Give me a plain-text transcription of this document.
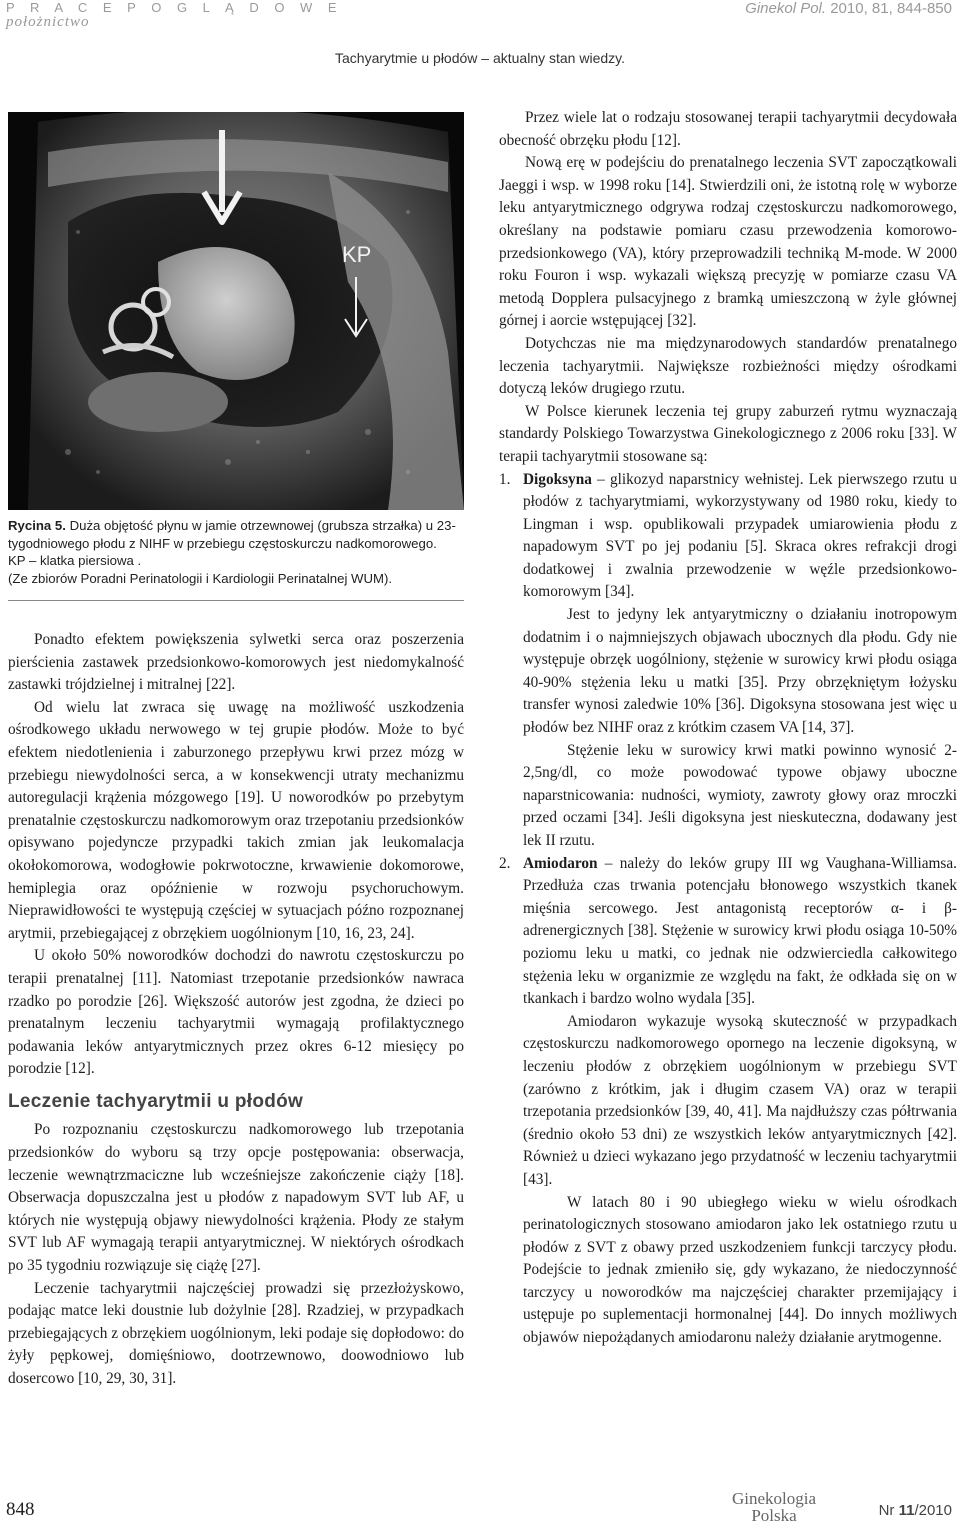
P R A C E P O G L Ą D O W E
położnictwo
Ginekol Pol. 2010, 81, 844-850
Tachyarytmie u płodów – aktualny stan wiedzy.
KP
Rycina 5. Duża objętość płynu w jamie otrzewnowej (grubsza strzałka) u 23-tygodniowego płodu z NIHF w przebiegu częstoskurczu nadkomorowego.
KP – klatka piersiowa .
(Ze zbiorów Poradni Perinatologii i Kardiologii Perinatalnej WUM).

Ponadto efektem powiększenia sylwetki serca oraz poszerzenia pierścienia zastawek przedsionkowo-komorowych jest niedomykalność zastawki trójdzielnej i mitralnej [22].

Od wielu lat zwraca się uwagę na możliwość uszkodzenia ośrodkowego układu nerwowego w tej grupie płodów. Może to być efektem niedotlenienia i zaburzonego przepływu krwi przez mózg w przebiegu niewydolności serca, a w konsekwencji utraty mechanizmu autoregulacji krążenia mózgowego [19]. U noworodków po przebytym prenatalnie częstoskurczu nadkomorowym oraz trzepotaniu przedsionków opisywano pojedyncze przypadki takich zmian jak leukomalacja okołokomorowa, wodogłowie pokrwotoczne, krwawienie dokomorowe, hemiplegia oraz opóźnienie w rozwoju psychoruchowym. Nieprawidłowości te występują częściej w sytuacjach późno rozpoznanej arytmii, przebiegającej z obrzękiem uogólnionym [10, 16, 23, 24].

U około 50% noworodków dochodzi do nawrotu częstoskurczu po terapii prenatalnej [11]. Natomiast trzepotanie przedsionków nawraca rzadko po porodzie [26]. Większość autorów jest zgodna, że dzieci po prenatalnym leczeniu tachyarytmii wymagają profilaktycznego podawania leków antyarytmicznych przez okres 6-12 miesięcy po porodzie [12].

Leczenie tachyarytmii u płodów

Po rozpoznaniu częstoskurczu nadkomorowego lub trzepotania przedsionków do wyboru są trzy opcje postępowania: obserwacja, leczenie wewnątrzmaciczne lub wcześniejsze zakończenie ciąży [18]. Obserwacja dopuszczalna jest u płodów z napadowym SVT lub AF, u których nie występują objawy niewydolności krążenia. Płody ze stałym SVT lub AF wymagają terapii antyarytmicznej. W niektórych ośrodkach po 35 tygodniu rozwiązuje się ciążę [27].

Leczenie tachyarytmii najczęściej prowadzi się przezłożyskowo, podając matce leki doustnie lub dożylnie [28]. Rzadziej, w przypadkach przebiegających z obrzękiem uogólnionym, leki podaje się dopłodowo: do żyły pępkowej, domięśniowo, dootrzewnowo, doowodniowo lub dosercowo [10, 29, 30, 31].

Przez wiele lat o rodzaju stosowanej terapii tachyarytmii decydowała obecność obrzęku płodu [12].

Nową erę w podejściu do prenatalnego leczenia SVT zapoczątkowali Jaeggi i wsp. w 1998 roku [14]. Stwierdzili oni, że istotną rolę w wyborze leku antyarytmicznego odgrywa rodzaj częstoskurczu nadkomorowego, określany na podstawie pomiaru czasu przewodzenia komorowo-przedsionkowego (VA), który przeprowadzili techniką M-mode. W 2000 roku Fouron i wsp. wykazali większą precyzję w pomiarze czasu VA metodą Dopplera pulsacyjnego z bramką umieszczoną w żyle głównej górnej i aorcie wstępującej [32].

Dotychczas nie ma międzynarodowych standardów prenatalnego leczenia tachyarytmii. Największe rozbieżności między ośrodkami dotyczą leków drugiego rzutu.

W Polsce kierunek leczenia tej grupy zaburzeń rytmu wyznaczają standardy Polskiego Towarzystwa Ginekologicznego z 2006 roku [33]. W terapii tachyarytmii stosowane są:

1. Digoksyna – glikozyd naparstnicy wełnistej. Lek pierwszego rzutu u płodów z tachyarytmiami, wykorzystywany od 1980 roku, kiedy to Lingman i wsp. opublikowali przypadek umiarowienia płodu z napadowym SVT po jej podaniu [5]. Skraca okres refrakcji drogi dodatkowej i zwalnia przewodzenie w węźle przedsionkowo-komorowym [34].

Jest to jedyny lek antyarytmiczny o działaniu inotropowym dodatnim i o najmniejszych objawach ubocznych dla płodu. Gdy nie występuje obrzęk uogólniony, stężenie w surowicy krwi płodu osiąga 40-90% stężenia leku u matki [35]. Przy obrzękniętym łożysku transfer wynosi zaledwie 10% [36]. Digoksyna stosowana jest więc u płodów bez NIHF oraz z krótkim czasem VA [14, 37].

Stężenie leku w surowicy krwi matki powinno wynosić 2-2,5ng/dl, co może powodować typowe objawy uboczne naparstnicowania: nudności, wymioty, zawroty głowy oraz mroczki przed oczami [34]. Jeśli digoksyna jest nieskuteczna, dodawany jest lek II rzutu.

2. Amiodaron – należy do leków grupy III wg Vaughana-Williamsa. Przedłuża czas trwania potencjału błonowego wszystkich tkanek mięśnia sercowego. Jest antagonistą receptorów α- i β-adrenergicznych [38]. Stężenie w surowicy krwi płodu osiąga 10-50% poziomu leku u matki, co jednak nie odzwierciedla całkowitego stężenia leku w organizmie ze względu na fakt, że odkłada się on w tkankach i bardzo wolno wydala [35].

Amiodaron wykazuje wysoką skuteczność w przypadkach częstoskurczu nadkomorowego opornego na leczenie digoksyną, w leczeniu płodów z obrzękiem uogólnionym w przebiegu SVT (zarówno z krótkim, jak i długim czasem VA) oraz w terapii trzepotania przedsionków [39, 40, 41]. Ma najdłuższy czas półtrwania (średnio około 53 dni) ze wszystkich leków antyarytmicznych [42]. Również u dzieci wykazano jego przydatność w leczeniu tachyarytmii [43].

W latach 80 i 90 ubiegłego wieku w wielu ośrodkach perinatologicznych stosowano amiodaron jako lek ostatniego rzutu u płodów z SVT z obawy przed uszkodzeniem funkcji tarczycy płodu. Podejście to jednak zmieniło się, gdy wykazano, że niedoczynność tarczycy u noworodków ma najczęściej charakter przemijający i ustępuje po suplementacji hormonalnej [44]. Do innych możliwych objawów niepożądanych amiodaronu należy działanie arytmogenne.

848
Ginekologia
Polska	Nr 11/2010
